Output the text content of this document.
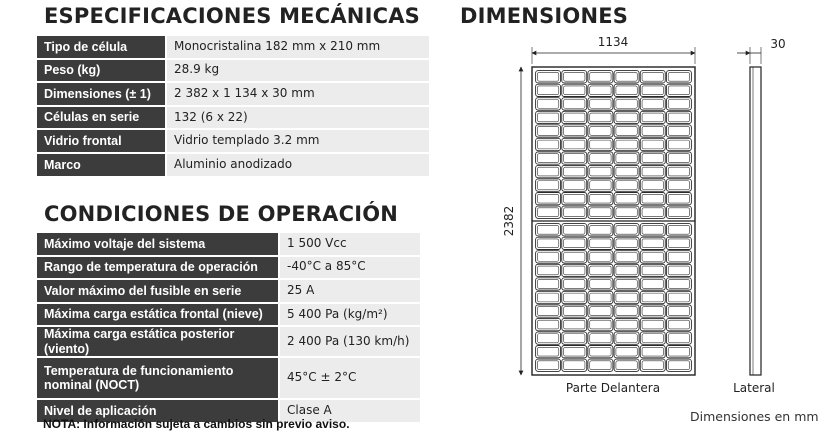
ESPECIFICACIONES MECÁNICAS
Tipo de célula	Monocristalina 182 mm x 210 mm
Peso (kg)	28.9 kg
Dimensiones (± 1)	2 382 x 1 134 x 30 mm
Células en serie	132 (6 x 22)
Vidrio frontal	Vidrio templado 3.2 mm
Marco	Aluminio anodizado
CONDICIONES DE OPERACIÓN
Máximo voltaje del sistema	1 500 Vcc
Rango de temperatura de operación	-40°C a 85°C
Valor máximo del fusible en serie	25 A
Máxima carga estática frontal (nieve)	5 400 Pa (kg/m²)
Máxima carga estática posterior (viento)	2 400 Pa (130 km/h)
Temperatura de funcionamiento nominal (NOCT)	45°C ± 2°C
Nivel de aplicación	Clase A
NOTA: Información sujeta a cambios sin previo aviso.
DIMENSIONES
1134
2382
Parte Delantera
30
Lateral
Dimensiones en mm
